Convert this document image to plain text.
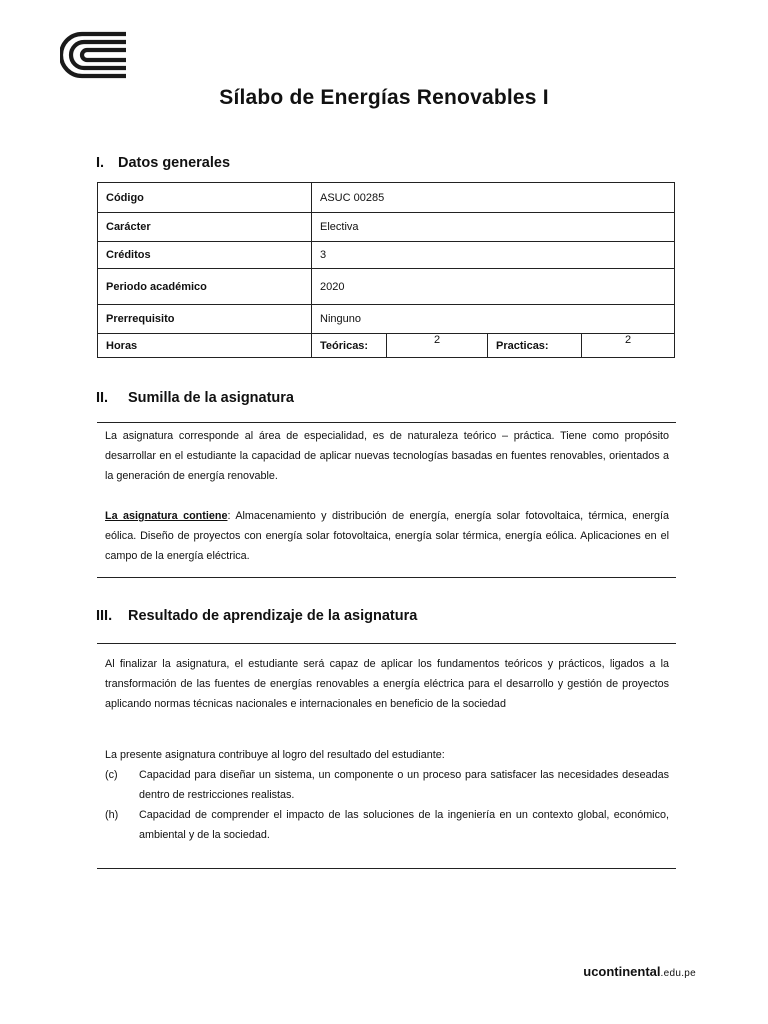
Sílabo de Energías Renovables I
I. Datos generales
Código	ASUC 00285			
Carácter	Electiva			
Créditos	3			
Periodo académico	2020			
Prerrequisito	Ninguno			
Horas	Teóricas:	2	Practicas:	2
II. Sumilla de la asignatura
La asignatura corresponde al área de especialidad, es de naturaleza teórico – práctica. Tiene como propósito desarrollar en el estudiante la capacidad de aplicar nuevas tecnologías basadas en fuentes renovables, orientados a la generación de energía renovable.
La asignatura contiene: Almacenamiento y distribución de energía, energía solar fotovoltaica, térmica, energía eólica. Diseño de proyectos con energía solar fotovoltaica, energía solar térmica, energía eólica. Aplicaciones en el campo de la energía eléctrica.
III. Resultado de aprendizaje de la asignatura
Al finalizar la asignatura, el estudiante será capaz de aplicar los fundamentos teóricos y prácticos, ligados a la transformación de las fuentes de energías renovables a energía eléctrica para el desarrollo y gestión de proyectos aplicando normas técnicas nacionales e internacionales en beneficio de la sociedad
La presente asignatura contribuye al logro del resultado del estudiante:
(c)	Capacidad para diseñar un sistema, un componente o un proceso para satisfacer las necesidades deseadas dentro de restricciones realistas.
(h)	Capacidad de comprender el impacto de las soluciones de la ingeniería en un contexto global, económico, ambiental y de la sociedad.
ucontinental.edu.pe
